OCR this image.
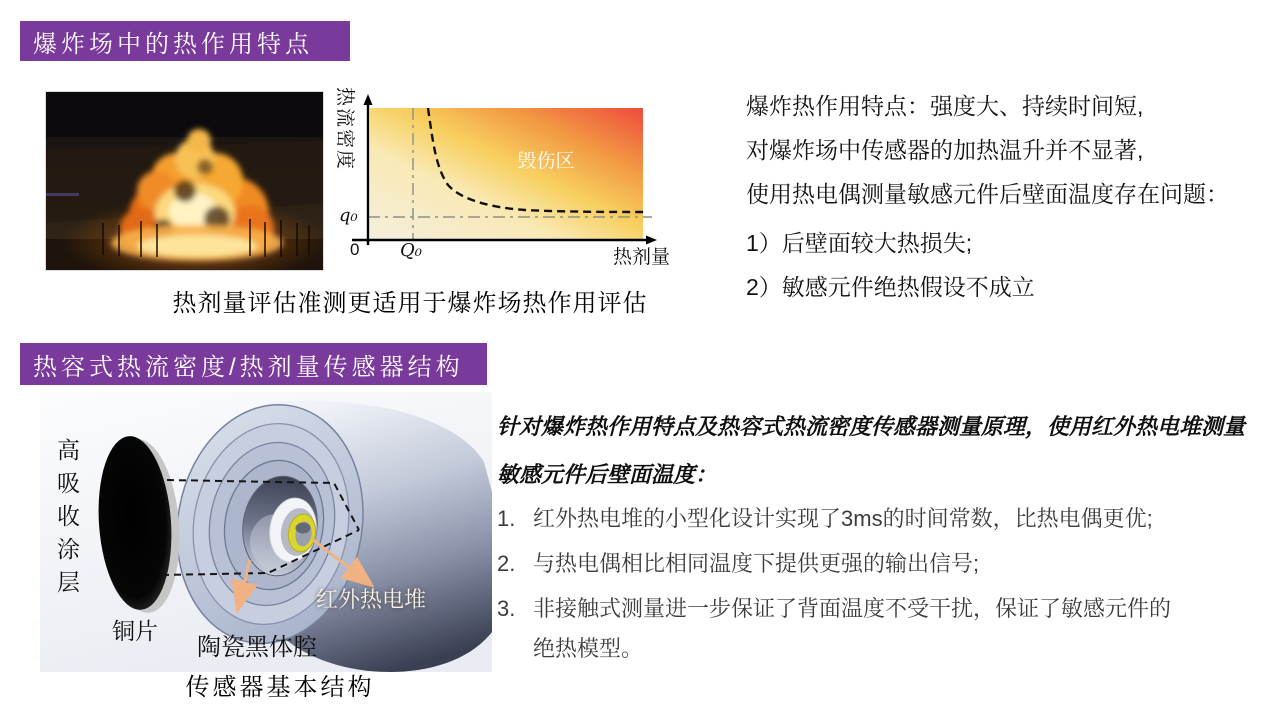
爆炸场中的热作用特点
毁伤区
热流密度
q₀
0 Q₀	热剂量
热剂量评估准测更适用于爆炸场热作用评估
爆炸热作用特点：强度大、持续时间短,
对爆炸场中传感器的加热温升并不显著,
使用热电偶测量敏感元件后壁面温度存在问题：
1）后壁面较大热损失;
2）敏感元件绝热假设不成立
热容式热流密度/热剂量传感器结构
高吸收涂层
铜片
陶瓷黑体腔
红外热电堆
传感器基本结构
针对爆炸热作用特点及热容式热流密度传感器测量原理，使用红外热电堆测量敏感元件后壁面温度：
1. 红外热电堆的小型化设计实现了3ms的时间常数，比热电偶更优;
2. 与热电偶相比相同温度下提供更强的输出信号;
3. 非接触式测量进一步保证了背面温度不受干扰，保证了敏感元件的绝热模型。
